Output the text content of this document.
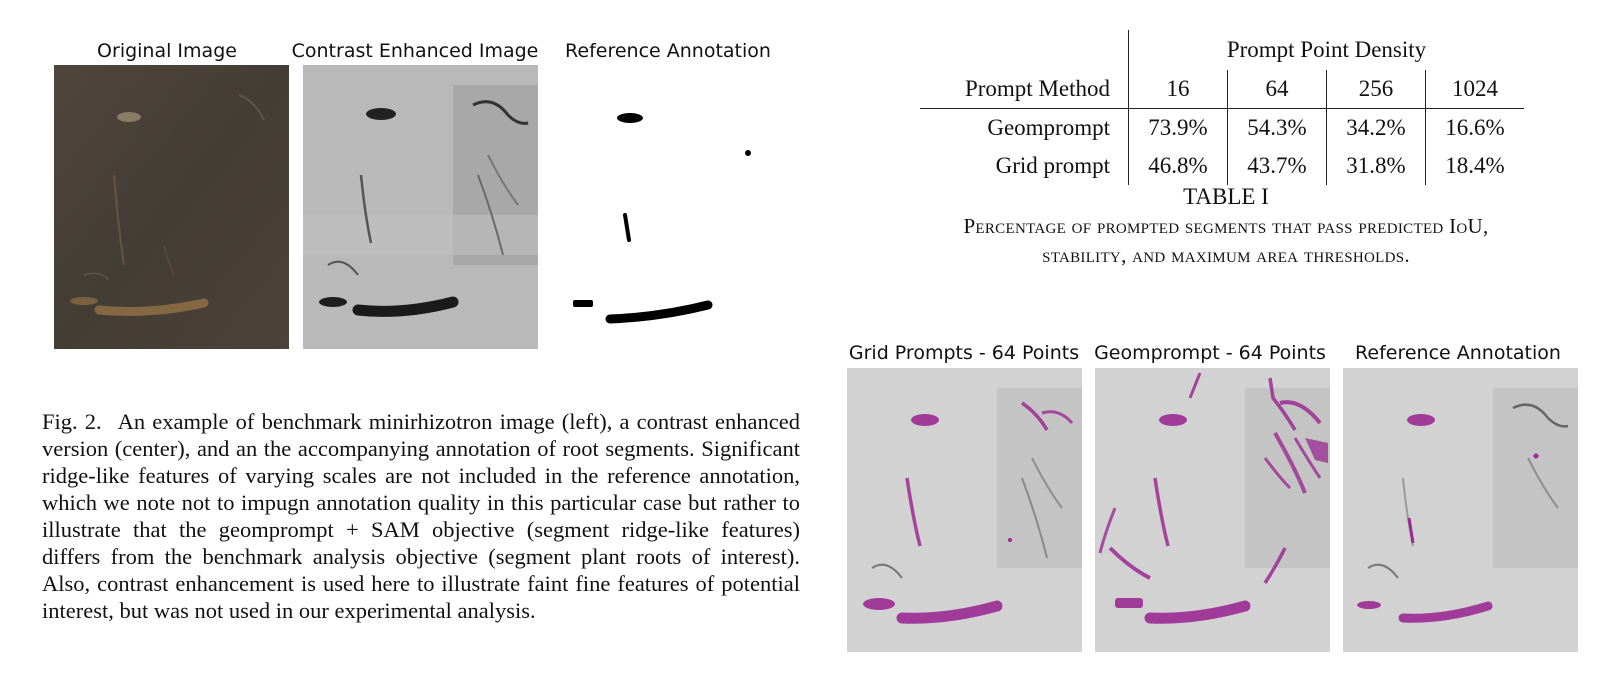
Original Image	Contrast Enhanced Image	Reference Annotation
Fig. 2. An example of benchmark minirhizotron image (left), a contrast enhanced version (center), and an the accompanying annotation of root segments. Significant ridge-like features of varying scales are not included in the reference annotation, which we note not to impugn annotation quality in this particular case but rather to illustrate that the geomprompt + SAM objective (segment ridge-like features) differs from the benchmark analysis objective (segment plant roots of interest). Also, contrast enhancement is used here to illustrate faint fine features of potential interest, but was not used in our experimental analysis.
	Prompt Point Density			
Prompt Method	16	64	256	1024
Geomprompt	73.9%	54.3%	34.2%	16.6%
Grid prompt	46.8%	43.7%	31.8%	18.4%
TABLE I
Percentage of prompted segments that pass predicted IoU,
stability, and maximum area thresholds.
Grid Prompts - 64 Points Geomprompt - 64 Points	Reference Annotation
